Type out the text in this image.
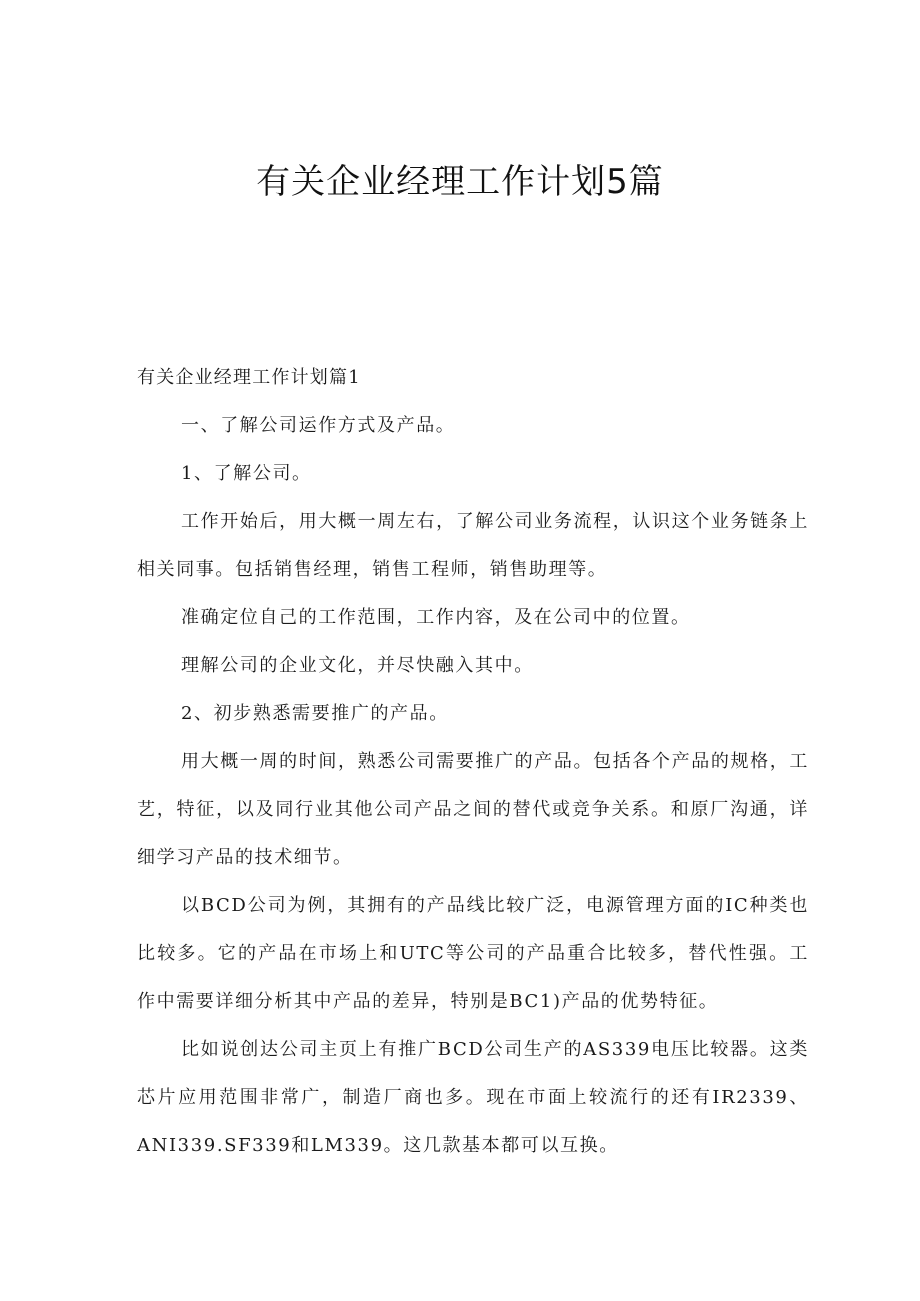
有关企业经理工作计划5篇

有关企业经理工作计划篇1

一、了解公司运作方式及产品。

1、了解公司。

工作开始后，用大概一周左右，了解公司业务流程，认识这个业务链条上相关同事。包括销售经理，销售工程师，销售助理等。

准确定位自己的工作范围，工作内容，及在公司中的位置。

理解公司的企业文化，并尽快融入其中。

2、初步熟悉需要推广的产品。

用大概一周的时间，熟悉公司需要推广的产品。包括各个产品的规格，工艺，特征，以及同行业其他公司产品之间的替代或竞争关系。和原厂沟通，详细学习产品的技术细节。

以BCD公司为例，其拥有的产品线比较广泛，电源管理方面的IC种类也比较多。它的产品在市场上和UTC等公司的产品重合比较多，替代性强。工作中需要详细分析其中产品的差异，特别是BC1)产品的优势特征。

比如说创达公司主页上有推广BCD公司生产的AS339电压比较器。这类芯片应用范围非常广，制造厂商也多。现在市面上较流行的还有IR2339、ANI339.SF339和LM339。这几款基本都可以互换。
